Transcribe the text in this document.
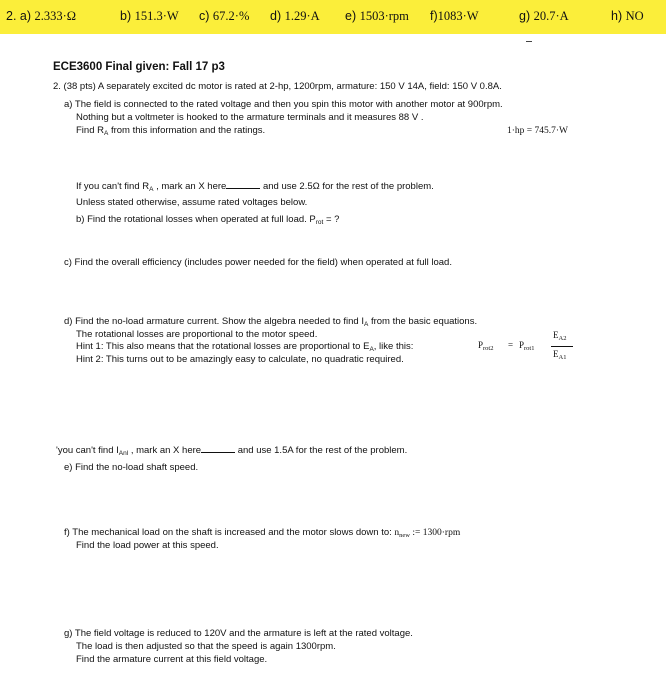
2. a) 2.333·Ω	b) 151.3·W c) 67.2·% d) 1.29·A e) 1503·rpm f)1083·W	g) 20.7·A	h) NO
ECE3600 Final given: Fall 17 p3
2. (38 pts) A separately excited dc motor is rated at 2-hp, 1200rpm, armature: 150 V 14A, field: 150 V 0.8A.
a) The field is connected to the rated voltage and then you spin this motor with another motor at 900rpm.
Nothing but a voltmeter is hooked to the armature terminals and it measures 88 V .
Find $R_A$ from this information and the ratings.	1·hp = 745.7·W
If you can't find $R_A$ , mark an X here	and use 2.5Ω for the rest of the problem.
Unless stated otherwise, assume rated voltages below.
b) Find the rotational losses when operated at full load. $P_{rot}$ = ?
c) Find the overall efficiency (includes power needed for the field) when operated at full load.
d) Find the no-load armature current. Show the algebra needed to find $I_A$ from the basic equations.
The rotational losses are proportional to the motor speed.
Hint 1: This also means that the rotational losses are proportional to $E_A$, like this:
Hint 2: This turns out to be amazingly easy to calculate, no quadratic required.
$P_{rot2} = P_{rot1}$
$E_{A2}$
$E_{A1}$
'you can't find $I_{Anl}$ , mark an X here	and use 1.5A for the rest of the problem.
e) Find the no-load shaft speed.
f) The mechanical load on the shaft is increased and the motor slows down to: $n_{new}$ := 1300·rpm
Find the load power at this speed.
g) The field voltage is reduced to 120V and the armature is left at the rated voltage.
The load is then adjusted so that the speed is again 1300rpm.
Find the armature current at this field voltage.
